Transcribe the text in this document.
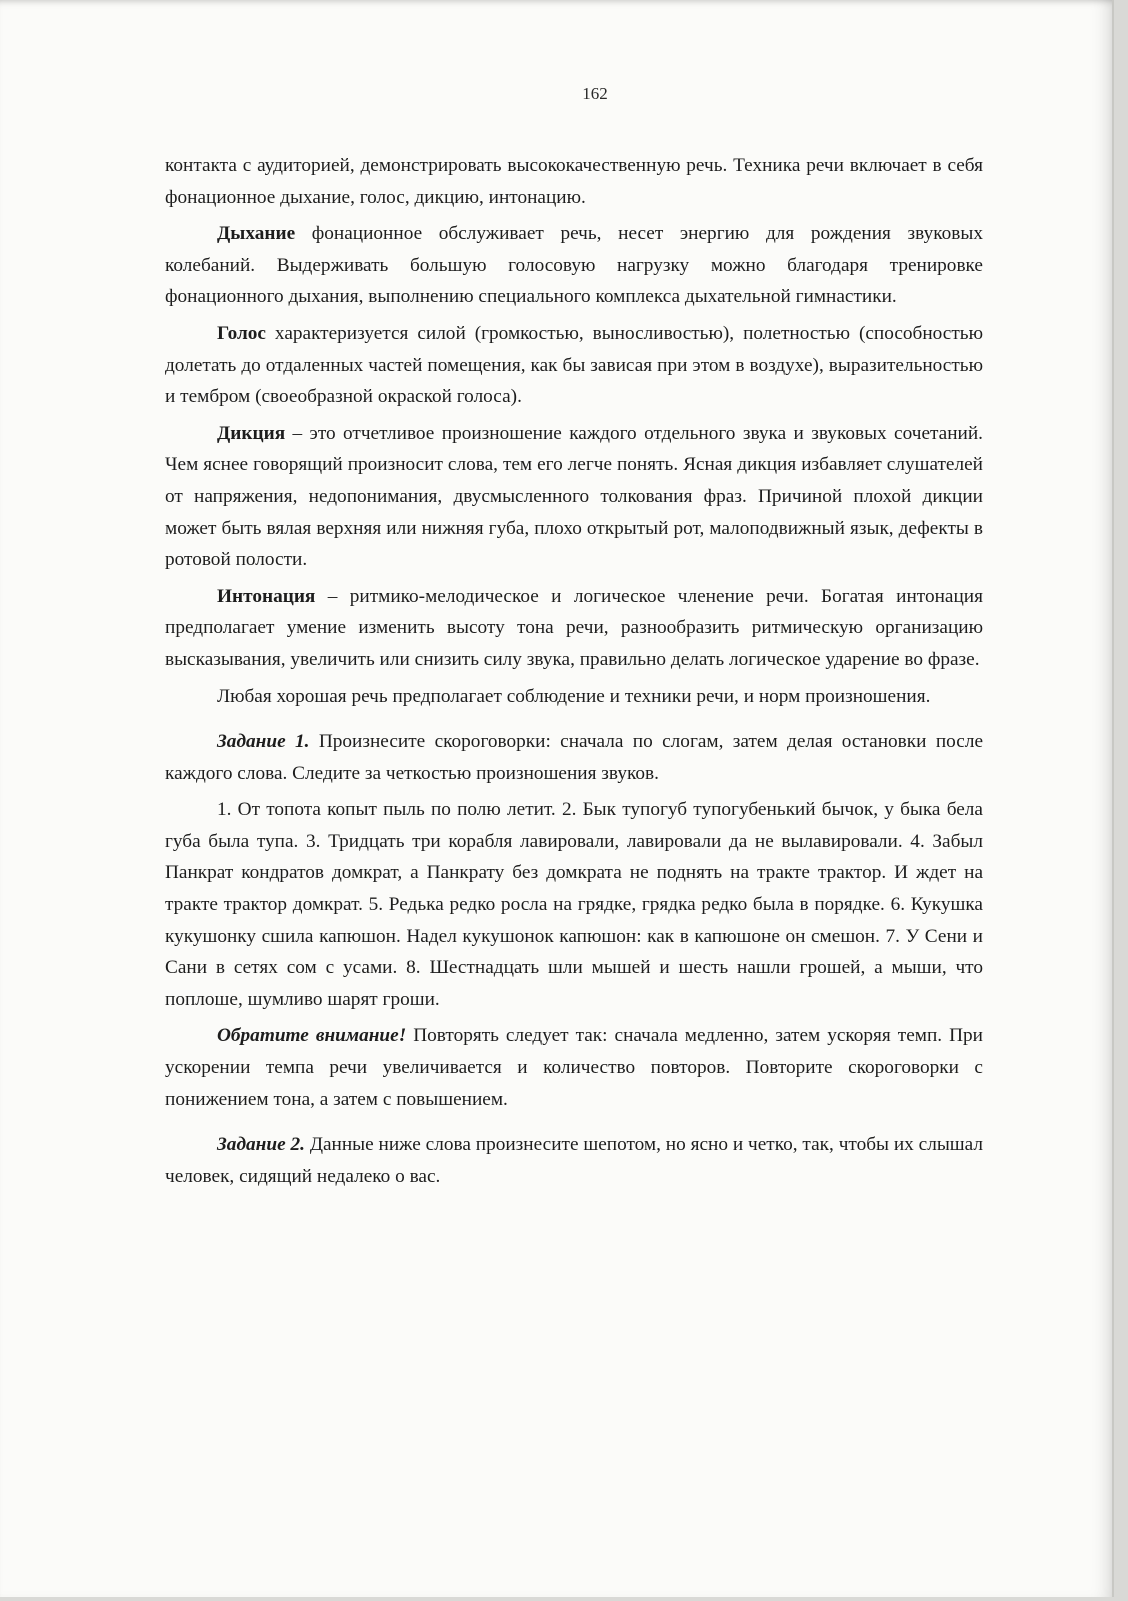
162

контакта с аудиторией, демонстрировать высококачественную речь. Техника речи включает в себя фонационное дыхание, голос, дикцию, интонацию.

Дыхание фонационное обслуживает речь, несет энергию для рождения звуковых колебаний. Выдерживать большую голосовую нагрузку можно благодаря тренировке фонационного дыхания, выполнению специального комплекса дыхательной гимнастики.

Голос характеризуется силой (громкостью, выносливостью), полетностью (способностью долетать до отдаленных частей помещения, как бы зависая при этом в воздухе), выразительностью и тембром (своеобразной окраской голоса).

Дикция – это отчетливое произношение каждого отдельного звука и звуковых сочетаний. Чем яснее говорящий произносит слова, тем его легче понять. Ясная дикция избавляет слушателей от напряжения, недопонимания, двусмысленного толкования фраз. Причиной плохой дикции может быть вялая верхняя или нижняя губа, плохо открытый рот, малоподвижный язык, дефекты в ротовой полости.

Интонация – ритмико-мелодическое и логическое членение речи. Богатая интонация предполагает умение изменить высоту тона речи, разнообразить ритмическую организацию высказывания, увеличить или снизить силу звука, правильно делать логическое ударение во фразе.

Любая хорошая речь предполагает соблюдение и техники речи, и норм произношения.

Задание 1. Произнесите скороговорки: сначала по слогам, затем делая остановки после каждого слова. Следите за четкостью произношения звуков.

1. От топота копыт пыль по полю летит. 2. Бык тупогуб тупогубенький бычок, у быка бела губа была тупа. 3. Тридцать три корабля лавировали, лавировали да не вылавировали. 4. Забыл Панкрат кондратов домкрат, а Панкрату без домкрата не поднять на тракте трактор. И ждет на тракте трактор домкрат. 5. Редька редко росла на грядке, грядка редко была в порядке. 6. Кукушка кукушонку сшила капюшон. Надел кукушонок капюшон: как в капюшоне он смешон. 7. У Сени и Сани в сетях сом с усами. 8. Шестнадцать шли мышей и шесть нашли грошей, а мыши, что поплоше, шумливо шарят гроши.

Обратите внимание! Повторять следует так: сначала медленно, затем ускоряя темп. При ускорении темпа речи увеличивается и количество повторов. Повторите скороговорки с понижением тона, а затем с повышением.

Задание 2. Данные ниже слова произнесите шепотом, но ясно и четко, так, чтобы их слышал человек, сидящий недалеко о вас.
